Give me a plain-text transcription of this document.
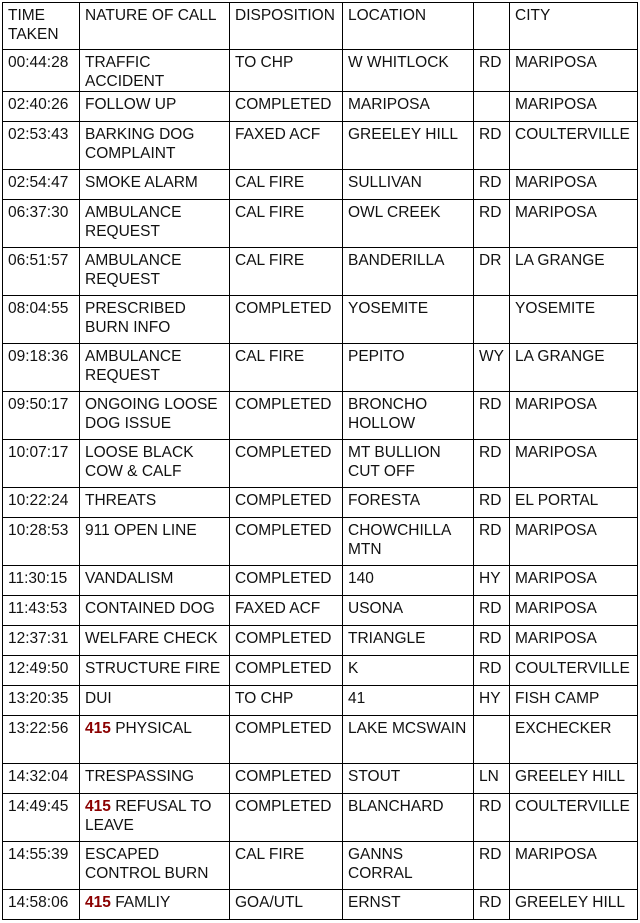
TIME TAKEN	NATURE OF CALL	DISPOSITION	LOCATION		CITY
00:44:28	TRAFFIC ACCIDENT	TO CHP	W WHITLOCK	RD	MARIPOSA
02:40:26	FOLLOW UP	COMPLETED	MARIPOSA		MARIPOSA
02:53:43	BARKING DOG COMPLAINT	FAXED ACF	GREELEY HILL	RD	COULTERVILLE
02:54:47	SMOKE ALARM	CAL FIRE	SULLIVAN	RD	MARIPOSA
06:37:30	AMBULANCE REQUEST	CAL FIRE	OWL CREEK	RD	MARIPOSA
06:51:57	AMBULANCE REQUEST	CAL FIRE	BANDERILLA	DR	LA GRANGE
08:04:55	PRESCRIBED BURN INFO	COMPLETED	YOSEMITE		YOSEMITE
09:18:36	AMBULANCE REQUEST	CAL FIRE	PEPITO	WY	LA GRANGE
09:50:17	ONGOING LOOSE DOG ISSUE	COMPLETED	BRONCHO HOLLOW	RD	MARIPOSA
10:07:17	LOOSE BLACK COW & CALF	COMPLETED	MT BULLION CUT OFF	RD	MARIPOSA
10:22:24	THREATS	COMPLETED	FORESTA	RD	EL PORTAL
10:28:53	911 OPEN LINE	COMPLETED	CHOWCHILLA MTN	RD	MARIPOSA
11:30:15	VANDALISM	COMPLETED	140	HY	MARIPOSA
11:43:53	CONTAINED DOG	FAXED ACF	USONA	RD	MARIPOSA
12:37:31	WELFARE CHECK	COMPLETED	TRIANGLE	RD	MARIPOSA
12:49:50	STRUCTURE FIRE	COMPLETED	K	RD	COULTERVILLE
13:20:35	DUI	TO CHP	41	HY	FISH CAMP
13:22:56	415 PHYSICAL	COMPLETED	LAKE MCSWAIN		EXCHECKER
14:32:04	TRESPASSING	COMPLETED	STOUT	LN	GREELEY HILL
14:49:45	415 REFUSAL TO LEAVE	COMPLETED	BLANCHARD	RD	COULTERVILLE
14:55:39	ESCAPED CONTROL BURN	CAL FIRE	GANNS CORRAL	RD	MARIPOSA
14:58:06	415 FAMLIY	GOA/UTL	ERNST	RD	GREELEY HILL
